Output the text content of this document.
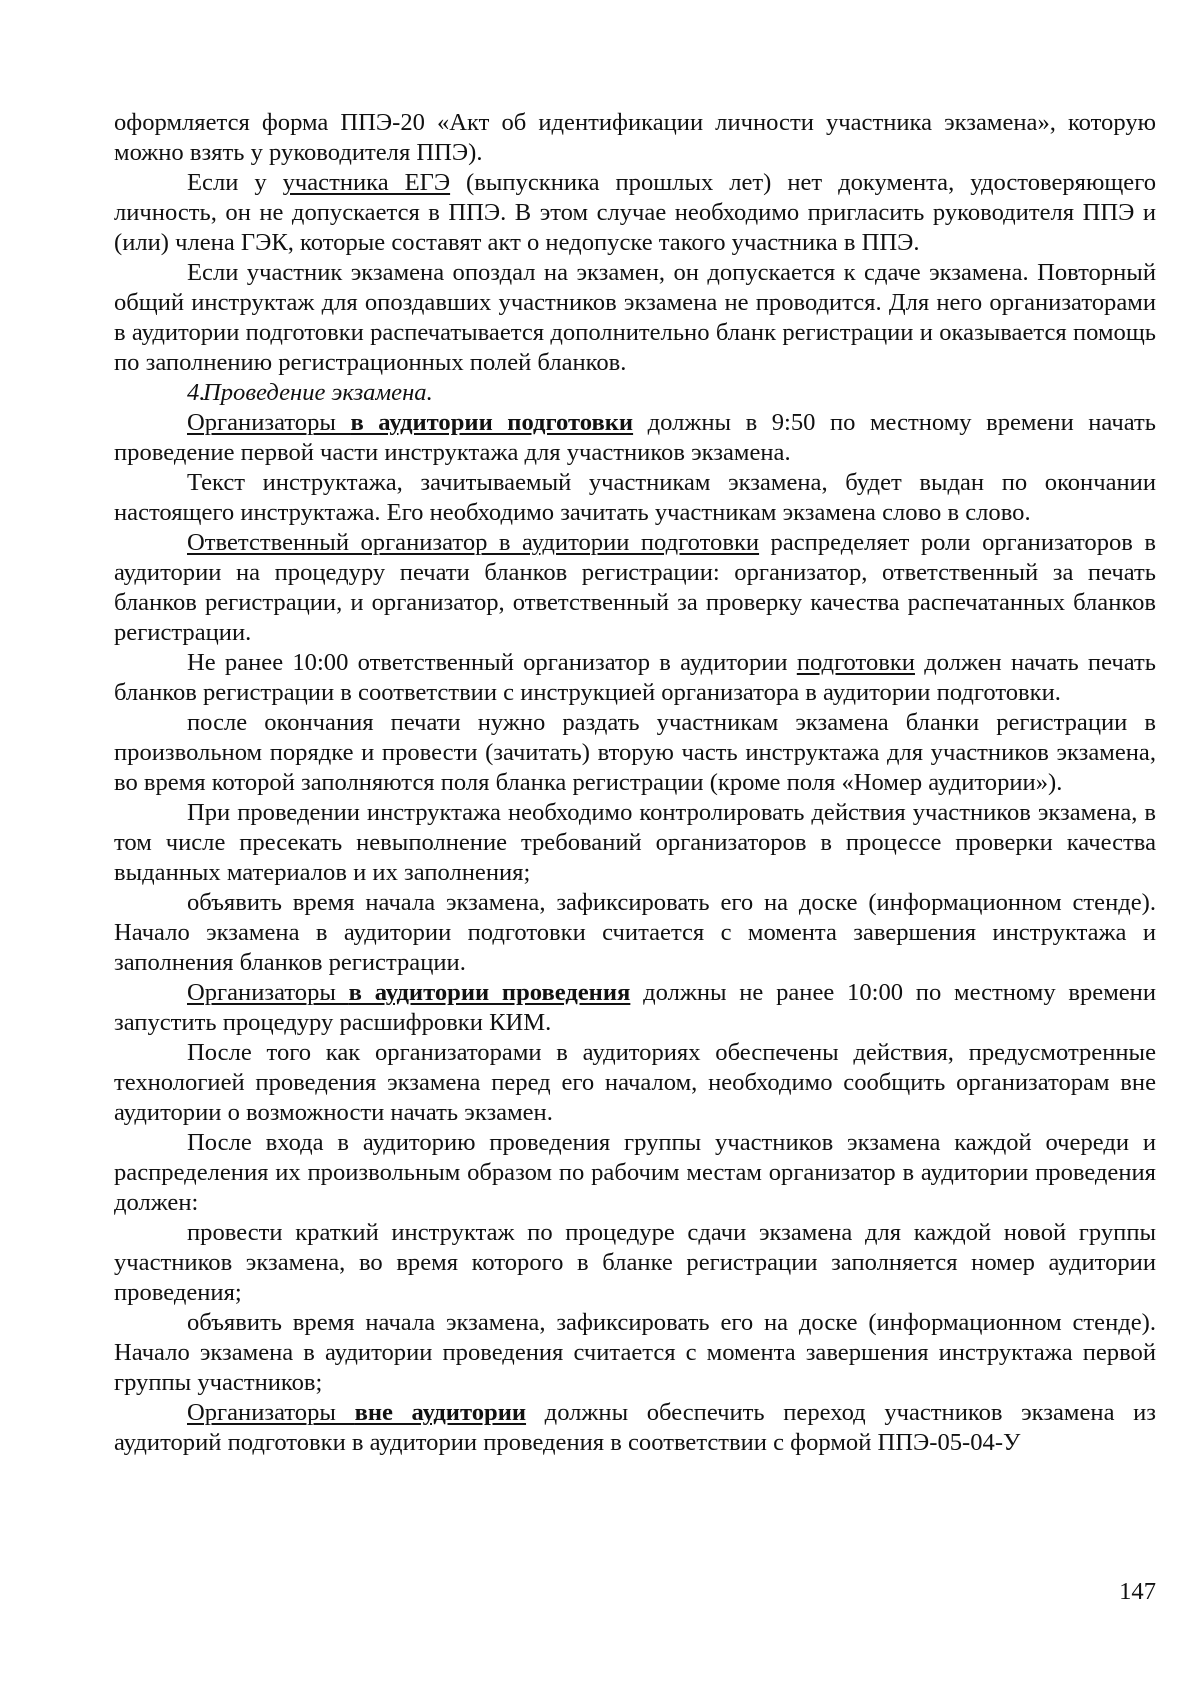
оформляется форма ППЭ-20 «Акт об идентификации личности участника экзамена», которую можно взять у руководителя ППЭ).

Если у участника ЕГЭ (выпускника прошлых лет) нет документа, удостоверяющего личность, он не допускается в ППЭ. В этом случае необходимо пригласить руководителя ППЭ и (или) члена ГЭК, которые составят акт о недопуске такого участника в ППЭ.

Если участник экзамена опоздал на экзамен, он допускается к сдаче экзамена. Повторный общий инструктаж для опоздавших участников экзамена не проводится. Для него организаторами в аудитории подготовки распечатывается дополнительно бланк регистрации и оказывается помощь по заполнению регистрационных полей бланков.

4.Проведение экзамена.

Организаторы в аудитории подготовки должны в 9:50 по местному времени начать проведение первой части инструктажа для участников экзамена.

Текст инструктажа, зачитываемый участникам экзамена, будет выдан по окончании настоящего инструктажа. Его необходимо зачитать участникам экзамена слово в слово.

Ответственный организатор в аудитории подготовки распределяет роли организаторов в аудитории на процедуру печати бланков регистрации: организатор, ответственный за печать бланков регистрации, и организатор, ответственный за проверку качества распечатанных бланков регистрации.

Не ранее 10:00 ответственный организатор в аудитории подготовки должен начать печать бланков регистрации в соответствии с инструкцией организатора в аудитории подготовки.

после окончания печати нужно раздать участникам экзамена бланки регистрации в произвольном порядке и провести (зачитать) вторую часть инструктажа для участников экзамена, во время которой заполняются поля бланка регистрации (кроме поля «Номер аудитории»).

При проведении инструктажа необходимо контролировать действия участников экзамена, в том числе пресекать невыполнение требований организаторов в процессе проверки качества выданных материалов и их заполнения;

объявить время начала экзамена, зафиксировать его на доске (информационном стенде). Начало экзамена в аудитории подготовки считается с момента завершения инструктажа и заполнения бланков регистрации.

Организаторы в аудитории проведения должны не ранее 10:00 по местному времени запустить процедуру расшифровки КИМ.

После того как организаторами в аудиториях обеспечены действия, предусмотренные технологией проведения экзамена перед его началом, необходимо сообщить организаторам вне аудитории о возможности начать экзамен.

После входа в аудиторию проведения группы участников экзамена каждой очереди и распределения их произвольным образом по рабочим местам организатор в аудитории проведения должен:

провести краткий инструктаж по процедуре сдачи экзамена для каждой новой группы участников экзамена, во время которого в бланке регистрации заполняется номер аудитории проведения;

объявить время начала экзамена, зафиксировать его на доске (информационном стенде). Начало экзамена в аудитории проведения считается с момента завершения инструктажа первой группы участников;

Организаторы вне аудитории должны обеспечить переход участников экзамена из аудиторий подготовки в аудитории проведения в соответствии с формой ППЭ-05-04-У

147
